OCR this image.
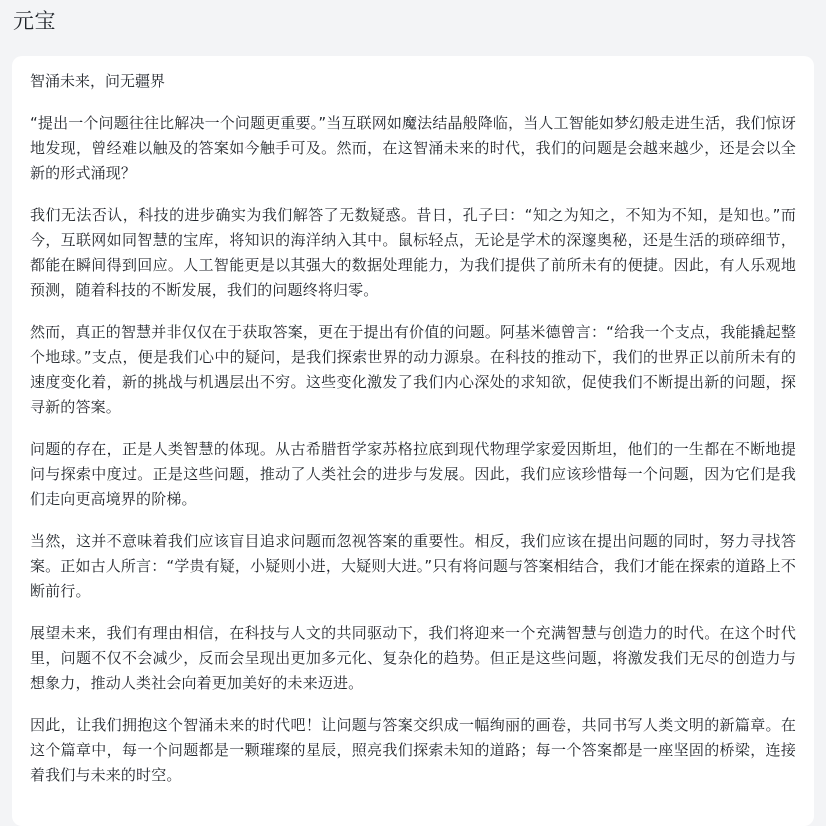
元宝

智涌未来，问无疆界

“提出一个问题往往比解决一个问题更重要。”当互联网如魔法结晶般降临，当人工智能如梦幻般走进生活，我们惊讶地发现，曾经难以触及的答案如今触手可及。然而，在这智涌未来的时代，我们的问题是会越来越少，还是会以全新的形式涌现？

我们无法否认，科技的进步确实为我们解答了无数疑惑。昔日，孔子曰：“知之为知之，不知为不知，是知也。”而今，互联网如同智慧的宝库，将知识的海洋纳入其中。鼠标轻点，无论是学术的深邃奥秘，还是生活的琐碎细节，都能在瞬间得到回应。人工智能更是以其强大的数据处理能力，为我们提供了前所未有的便捷。因此，有人乐观地预测，随着科技的不断发展，我们的问题终将归零。

然而，真正的智慧并非仅仅在于获取答案，更在于提出有价值的问题。阿基米德曾言：“给我一个支点，我能撬起整个地球。”支点，便是我们心中的疑问，是我们探索世界的动力源泉。在科技的推动下，我们的世界正以前所未有的速度变化着，新的挑战与机遇层出不穷。这些变化激发了我们内心深处的求知欲，促使我们不断提出新的问题，探寻新的答案。

问题的存在，正是人类智慧的体现。从古希腊哲学家苏格拉底到现代物理学家爱因斯坦，他们的一生都在不断地提问与探索中度过。正是这些问题，推动了人类社会的进步与发展。因此，我们应该珍惜每一个问题，因为它们是我们走向更高境界的阶梯。

当然，这并不意味着我们应该盲目追求问题而忽视答案的重要性。相反，我们应该在提出问题的同时，努力寻找答案。正如古人所言：“学贵有疑，小疑则小进，大疑则大进。”只有将问题与答案相结合，我们才能在探索的道路上不断前行。

展望未来，我们有理由相信，在科技与人文的共同驱动下，我们将迎来一个充满智慧与创造力的时代。在这个时代里，问题不仅不会减少，反而会呈现出更加多元化、复杂化的趋势。但正是这些问题，将激发我们无尽的创造力与想象力，推动人类社会向着更加美好的未来迈进。

因此，让我们拥抱这个智涌未来的时代吧！让问题与答案交织成一幅绚丽的画卷，共同书写人类文明的新篇章。在这个篇章中，每一个问题都是一颗璀璨的星辰，照亮我们探索未知的道路；每一个答案都是一座坚固的桥梁，连接着我们与未来的时空。
